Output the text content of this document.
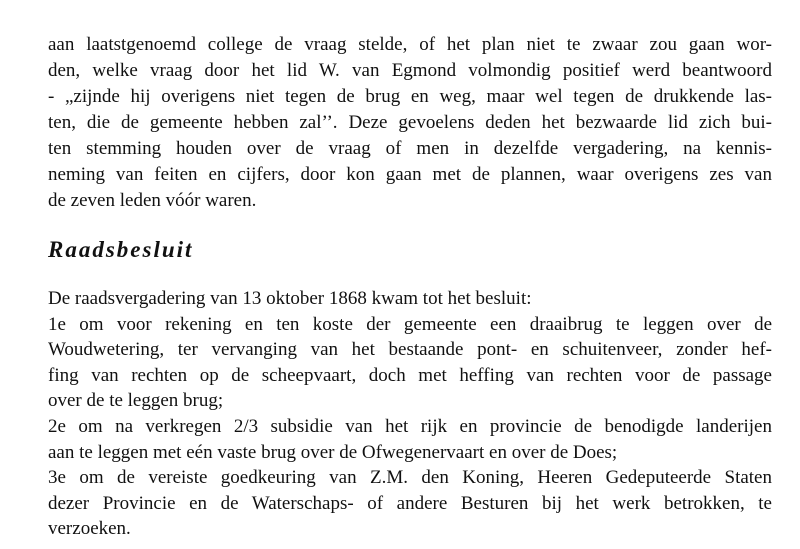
aan laatstgenoemd college de vraag stelde, of het plan niet te zwaar zou gaan wor-
den, welke vraag door het lid W. van Egmond volmondig positief werd beantwoord
- „zijnde hij overigens niet tegen de brug en weg, maar wel tegen de drukkende las-
ten, die de gemeente hebben zal’’. Deze gevoelens deden het bezwaarde lid zich bui-
ten stemming houden over de vraag of men in dezelfde vergadering, na kennis-
neming van feiten en cijfers, door kon gaan met de plannen, waar overigens zes van
de zeven leden vóór waren.

Raadsbesluit

De raadsvergadering van 13 oktober 1868 kwam tot het besluit:
1e om voor rekening en ten koste der gemeente een draaibrug te leggen over de
Woudwetering, ter vervanging van het bestaande pont- en schuitenveer, zonder hef-
fing van rechten op de scheepvaart, doch met heffing van rechten voor de passage
over de te leggen brug;
2e om na verkregen 2/3 subsidie van het rijk en provincie de benodigde landerijen
aan te leggen met eén vaste brug over de Ofwegenervaart en over de Does;
3e om de vereiste goedkeuring van Z.M. den Koning, Heeren Gedeputeerde Staten
dezer Provincie en de Waterschaps- of andere Besturen bij het werk betrokken, te
verzoeken.
